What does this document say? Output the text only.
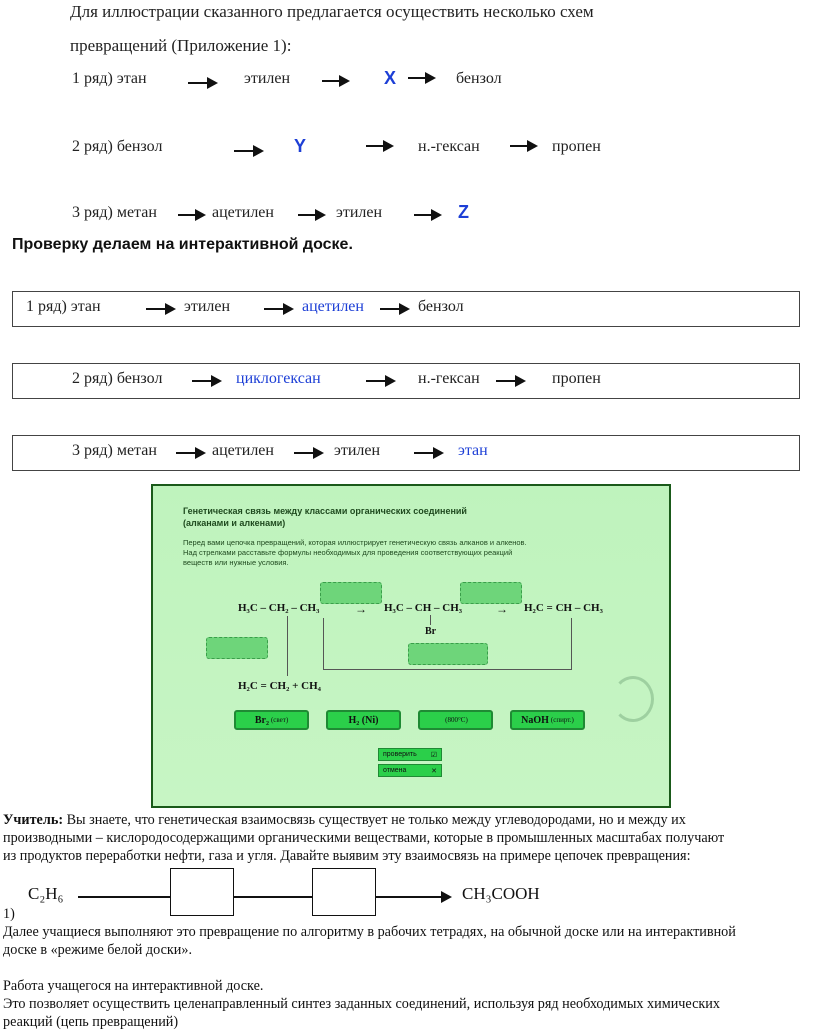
Для иллюстрации сказанного предлагается осуществить несколько схем
превращений (Приложение 1):
1 ряд) этан	этилен	X	бензол
2 ряд) бензол	Y	н.-гексан	пропен
3 ряд) метан	ацетилен	этилен	Z
Проверку делаем на интерактивной доске.
1 ряд) этан	этилен	ацетилен	бензол
2 ряд) бензол	циклогексан	н.-гексан	пропен
3 ряд) метан	ацетилен	этилен	этан
Генетическая связь между классами органических соединений
(алканами и алкенами)
Перед вами цепочка превращений, которая иллюстрирует генетическую связь алканов и алкенов.
Над стрелками расставьте формулы необходимых для проведения соответствующих реакций
веществ или нужные условия.
H₃C – CH₂ – CH₃	→ H₃C – CH – CH₃
Br
→ H₂C = CH – CH₃
H₂C = CH₂ + CH₄
Br₂ (свет)	H₂ (Ni)	(800°C)	NaOH (спирт.)
проверить ☑
отмена	✕
Учитель: Вы знаете, что генетическая взаимосвязь существует не только между углеводородами, но и между их
производными – кислородосодержащими органическими веществами, которые в промышленных масштабах получают
из продуктов переработки нефти, газа и угля. Давайте выявим эту взаимосвязь на примере цепочек превращения:
C₂H₆	CH₃COOH
1)
Далее учащиеся выполняют это превращение по алгоритму в рабочих тетрадях, на обычной доске или на интерактивной
доске в «режиме белой доски».
Работа учащегося на интерактивной доске.
Это позволяет осуществить целенаправленный синтез заданных соединений, используя ряд необходимых химических
реакций (цепь превращений)
